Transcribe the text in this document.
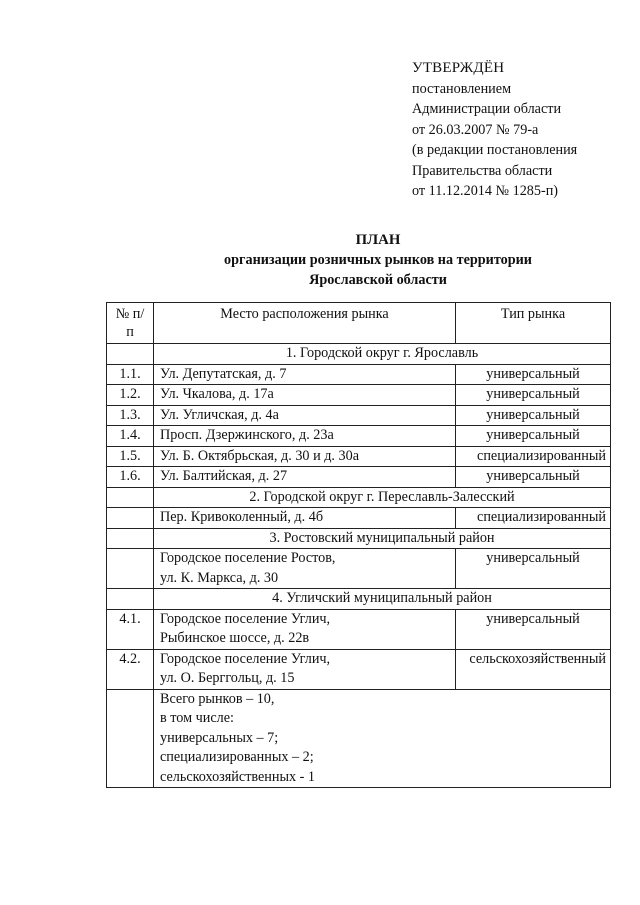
УТВЕРЖДЁН
постановлением
Администрации области
от 26.03.2007 № 79-а
(в редакции постановления
Правительства области
от 11.12.2014 № 1285-п)
ПЛАН
организации розничных рынков на территории
Ярославской области
№ п/п	Место расположения рынка	Тип рынка
	1. Городской округ г. Ярославль	
1.1.	Ул. Депутатская, д. 7	универсальный
1.2.	Ул. Чкалова, д. 17а	универсальный
1.3.	Ул. Угличская, д. 4а	универсальный
1.4.	Просп. Дзержинского, д. 23а	универсальный
1.5.	Ул. Б. Октябрьская, д. 30 и д. 30а	специализированный
1.6.	Ул. Балтийская, д. 27	универсальный
	2. Городской округ г. Переславль-Залесский	

	Пер. Кривоколенный, д. 4б	специализированный
	3. Ростовский муниципальный район	

	Городское поселение Ростов,
ул. К. Маркса, д. 30	универсальный
	4. Угличский муниципальный район	
4.1.	Городское поселение Углич,
Рыбинское шоссе, д. 22в	универсальный
4.2.	Городское поселение Углич,
ул. О. Берггольц, д. 15	сельскохозяйственный

	Всего рынков – 10,
в том числе:
универсальных – 7;
специализированных – 2;
сельскохозяйственных - 1	
